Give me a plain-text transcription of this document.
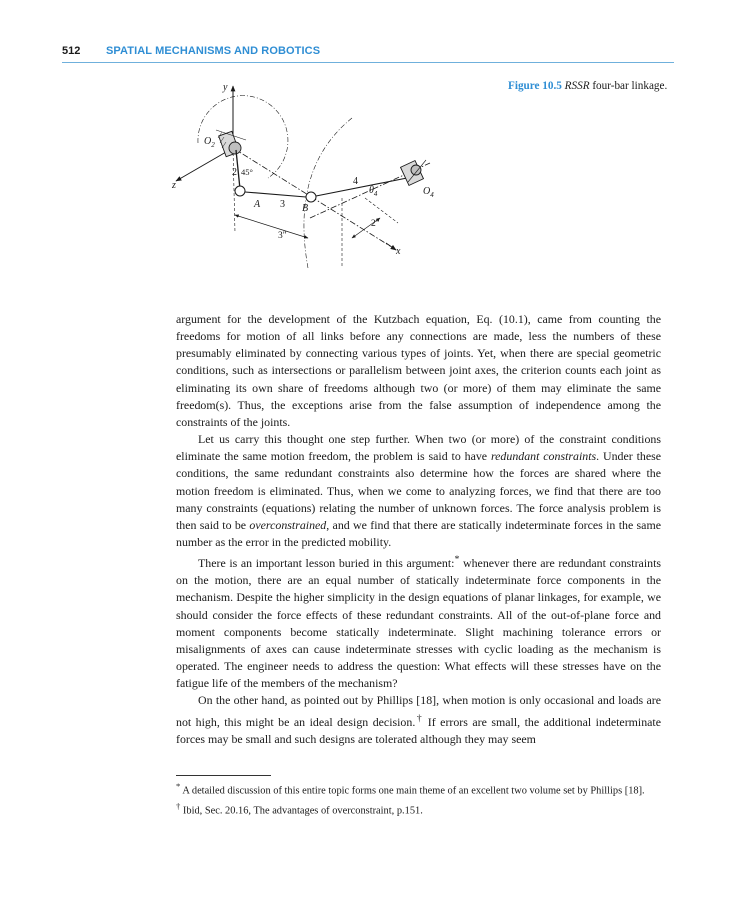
512 SPATIAL MECHANISMS AND ROBOTICS
y
z
x
3"
2"
$O_2$
2 45°
A 3 B
4
$\theta_4$	$O_4$
Figure 10.5 RSSR four-bar linkage.

argument for the development of the Kutzbach equation, Eq. (10.1), came from counting the freedoms for motion of all links before any connections are made, less the numbers of these presumably eliminated by connecting various types of joints. Yet, when there are special geometric conditions, such as intersections or parallelism between joint axes, the criterion counts each joint as eliminating its own share of freedoms although two (or more) of them may eliminate the same freedom(s). Thus, the exceptions arise from the false assumption of independence among the constraints of the joints.

Let us carry this thought one step further. When two (or more) of the constraint conditions eliminate the same motion freedom, the problem is said to have redundant constraints. Under these conditions, the same redundant constraints also determine how the forces are shared where the motion freedom is eliminated. Thus, when we come to analyzing forces, we find that there are too many constraints (equations) relating the number of unknown forces. The force analysis problem is then said to be overconstrained, and we find that there are statically indeterminate forces in the same number as the error in the predicted mobility.

There is an important lesson buried in this argument:* whenever there are redundant constraints on the motion, there are an equal number of statically indeterminate force components in the mechanism. Despite the higher simplicity in the design equations of planar linkages, for example, we should consider the force effects of these redundant constraints. All of the out-of-plane force and moment components become statically indeterminate. Slight machining tolerance errors or misalignments of axes can cause indeterminate stresses with cyclic loading as the mechanism is operated. The engineer needs to address the question: What effects will these stresses have on the fatigue life of the members of the mechanism?

On the other hand, as pointed out by Phillips [18], when motion is only occasional and loads are not high, this might be an ideal design decision.† If errors are small, the additional indeterminate forces may be small and such designs are tolerated although they may seem

* A detailed discussion of this entire topic forms one main theme of an excellent two volume set by Phillips [18].

† Ibid, Sec. 20.16, The advantages of overconstraint, p.151.
